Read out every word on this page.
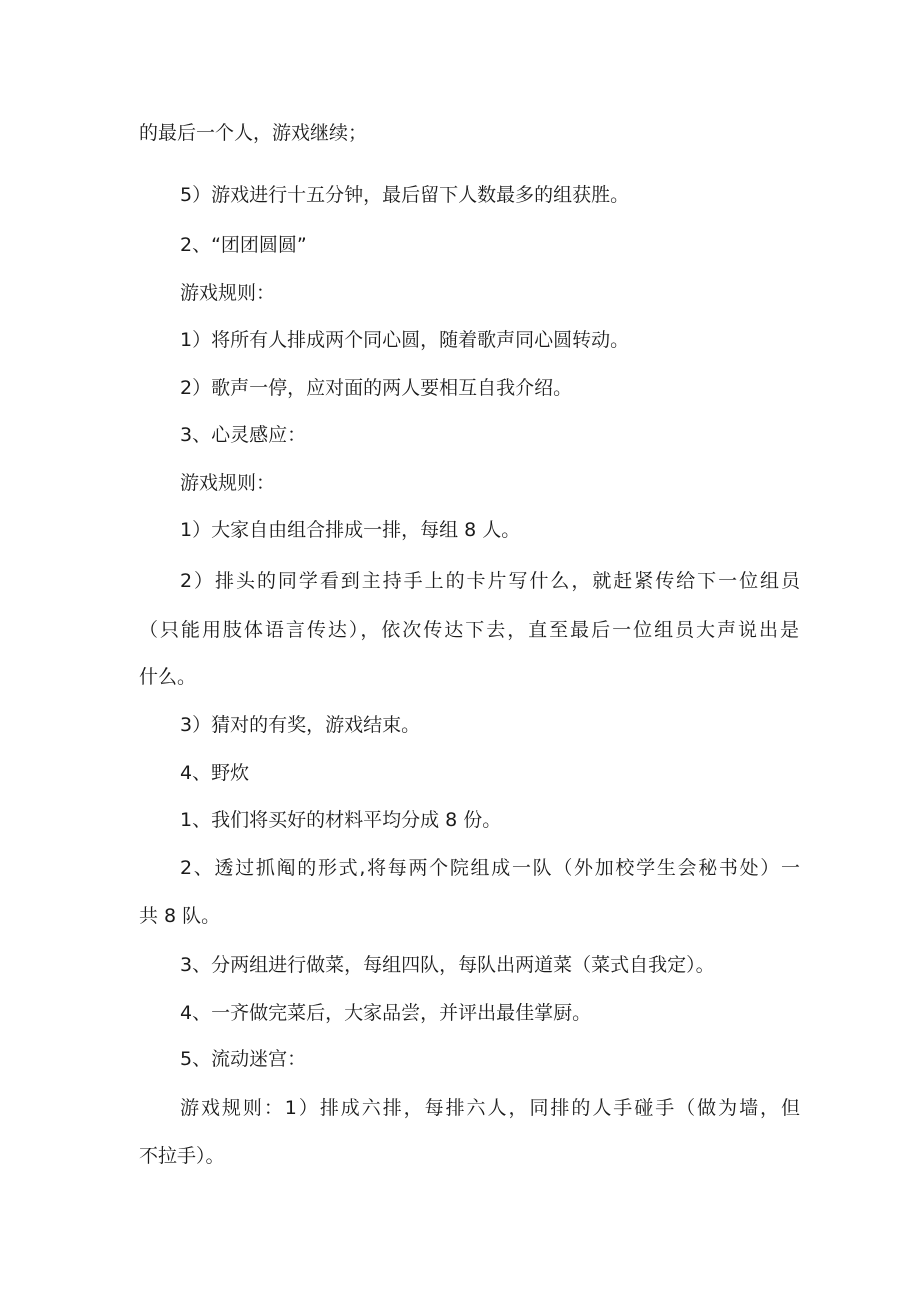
的最后一个人，游戏继续；
5）游戏进行十五分钟，最后留下人数最多的组获胜。
2、“团团圆圆”
游戏规则：
1）将所有人排成两个同心圆，随着歌声同心圆转动。
2）歌声一停，应对面的两人要相互自我介绍。
3、心灵感应：
游戏规则：
1）大家自由组合排成一排，每组 8 人。
2）排头的同学看到主持手上的卡片写什么，就赶紧传给下一位组员
（只能用肢体语言传达），依次传达下去，直至最后一位组员大声说出是
什么。
3）猜对的有奖，游戏结束。
4、野炊
1、我们将买好的材料平均分成 8 份。
2、透过抓阄的形式,将每两个院组成一队（外加校学生会秘书处）一
共 8 队。
3、分两组进行做菜，每组四队，每队出两道菜（菜式自我定）。
4、一齐做完菜后，大家品尝，并评出最佳掌厨。
5、流动迷宫：
游戏规则：1）排成六排，每排六人，同排的人手碰手（做为墙，但
不拉手）。
